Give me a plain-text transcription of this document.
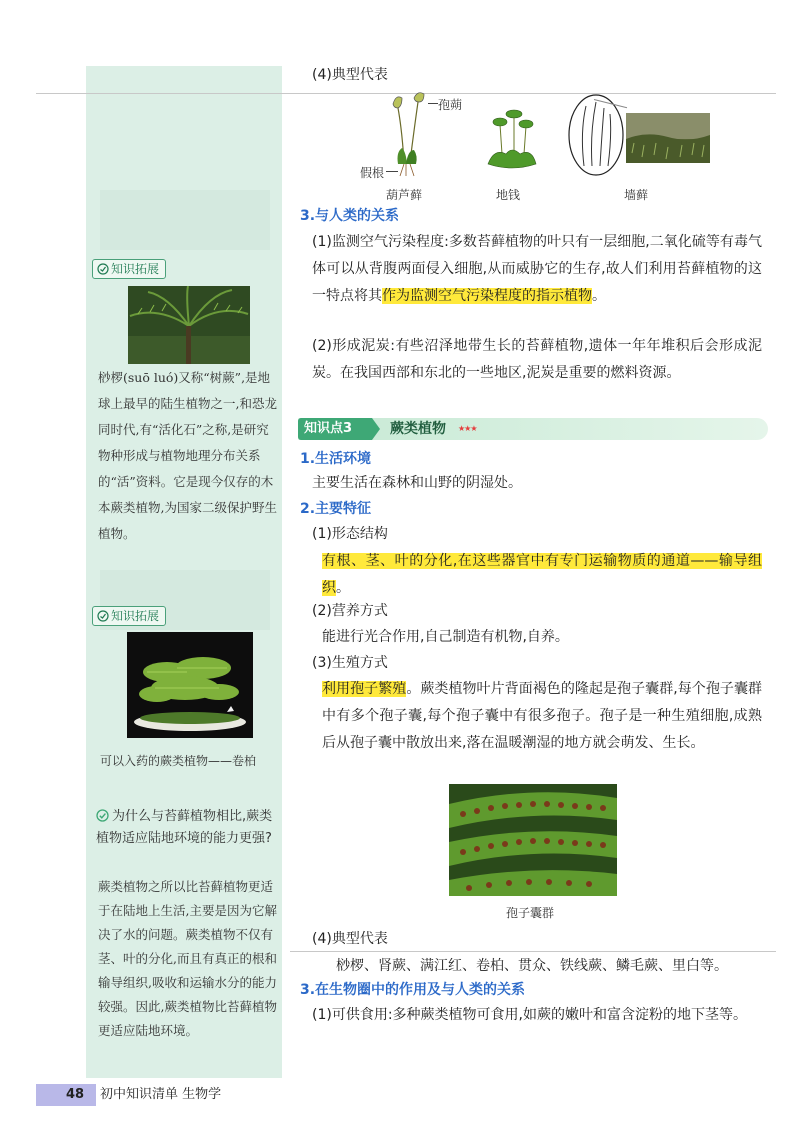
知识拓展
桫椤(suō luó)又称“树蕨”,是地球上最早的陆生植物之一,和恐龙同时代,有“活化石”之称,是研究物种形成与植物地理分布关系的“活”资料。它是现今仅存的木本蕨类植物,为国家二级保护野生植物。
知识拓展
可以入药的蕨类植物——卷柏
为什么与苔藓植物相比,蕨类植物适应陆地环境的能力更强?
蕨类植物之所以比苔藓植物更适于在陆地上生活,主要是因为它解决了水的问题。蕨类植物不仅有茎、叶的分化,而且有真正的根和输导组织,吸收和运输水分的能力较强。因此,蕨类植物比苔藓植物更适应陆地环境。
(4)典型代表
孢蒴
假根
葫芦藓	地钱	墙藓
3.与人类的关系
(1)监测空气污染程度:多数苔藓植物的叶只有一层细胞,二氧化硫等有毒气体可以从背腹两面侵入细胞,从而威胁它的生存,故人们利用苔藓植物的这一特点将其作为监测空气污染程度的指示植物。
(2)形成泥炭:有些沼泽地带生长的苔藓植物,遗体一年年堆积后会形成泥炭。在我国西部和东北的一些地区,泥炭是重要的燃料资源。
知识点3	蕨类植物 ★★★
1.生活环境
主要生活在森林和山野的阴湿处。
2.主要特征
(1)形态结构
有根、茎、叶的分化,在这些器官中有专门运输物质的通道——输导组织。
(2)营养方式
能进行光合作用,自己制造有机物,自养。
(3)生殖方式
利用孢子繁殖。蕨类植物叶片背面褐色的隆起是孢子囊群,每个孢子囊群中有多个孢子囊,每个孢子囊中有很多孢子。孢子是一种生殖细胞,成熟后从孢子囊中散放出来,落在温暖潮湿的地方就会萌发、生长。
孢子囊群
(4)典型代表
桫椤、肾蕨、满江红、卷柏、贯众、铁线蕨、鳞毛蕨、里白等。
3.在生物圈中的作用及与人类的关系
(1)可供食用:多种蕨类植物可食用,如蕨的嫩叶和富含淀粉的地下茎等。
48 初中知识清单 生物学
